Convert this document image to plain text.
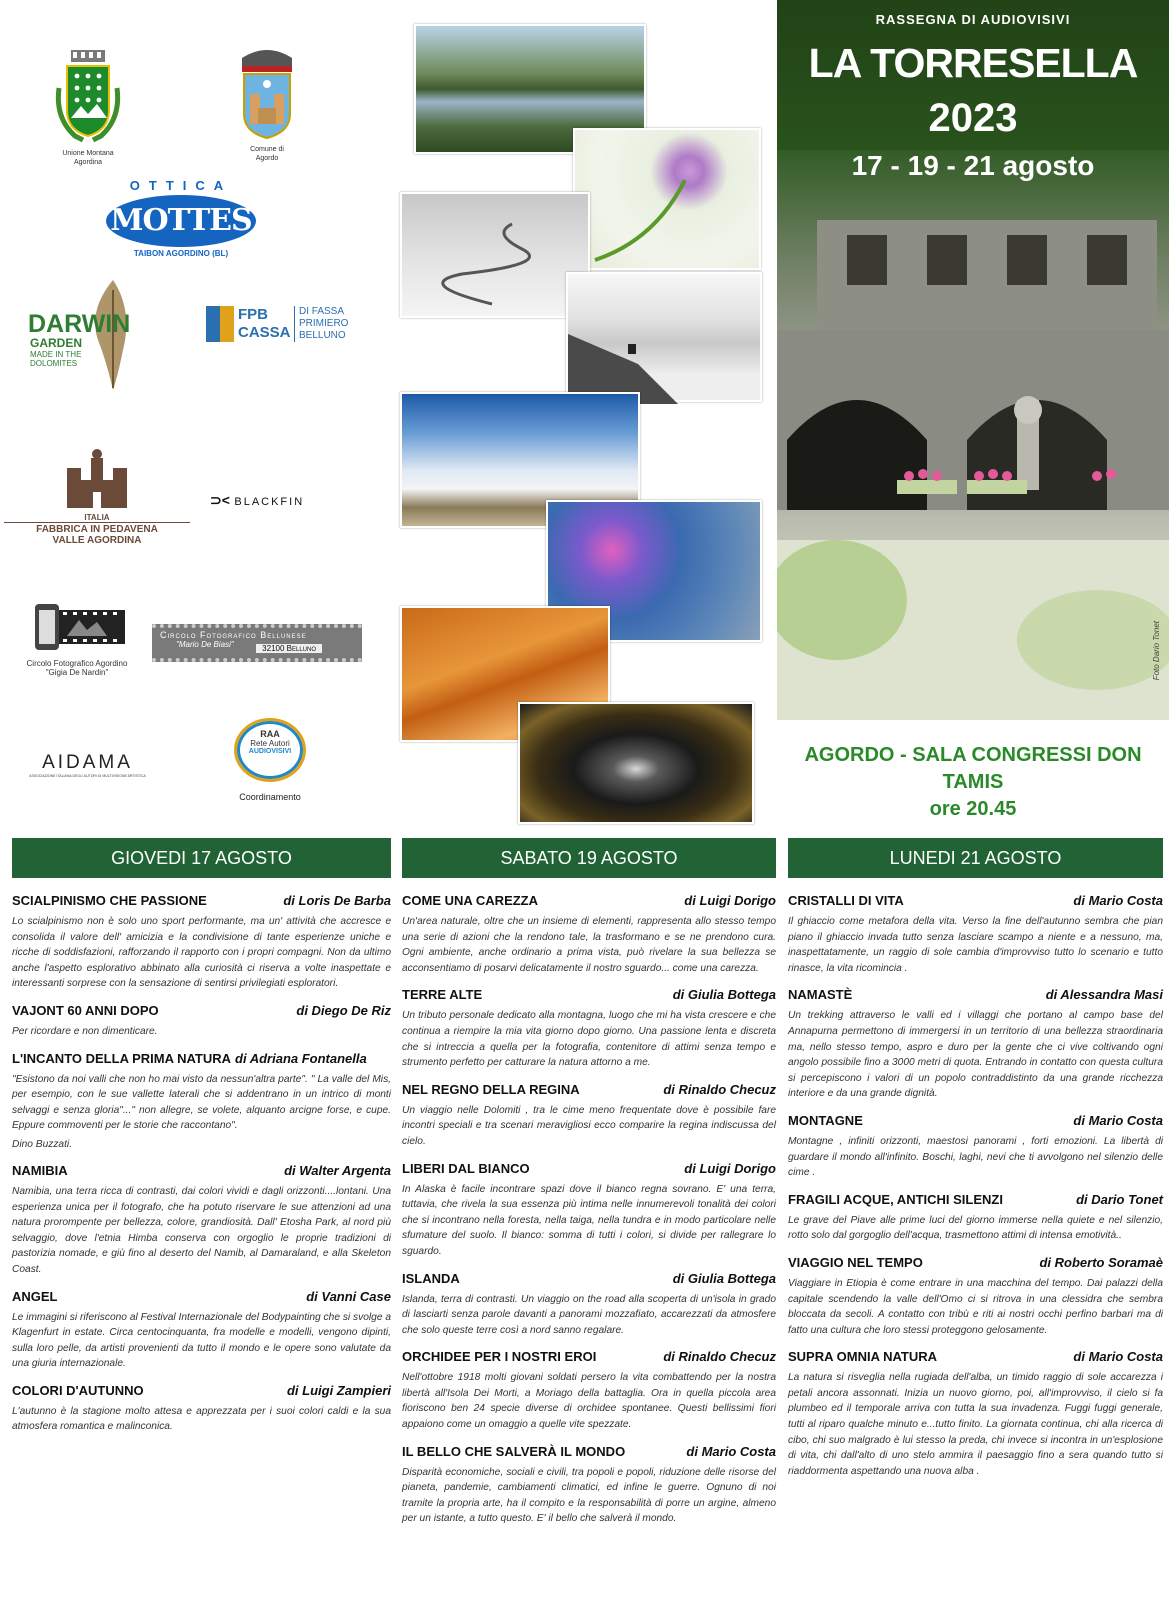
Unione Montana
Agordina
Comune di
Agordo
OTTICA
MOTTES
TAIBON AGORDINO (BL)
DARWIN
GARDEN
MADE IN THE
DOLOMITES
FPB
CASSA
DI FASSA
PRIMIERO
BELLUNO
ITALIA
FABBRICA IN PEDAVENA
VALLE AGORDINA
⊃< BLACKFIN
Circolo Fotografico Agordino
"Gigia De Nardin"
Circolo Fotografico Bellunese
"Mario De Biasi"	32100 Belluno
AIDAMA
ASSOCIAZIONE ITALIANA DEGLI AUTORI DI MULTIVISIONE ARTISTICA
RAA
Rete Autori
AUDIOVISIVI
Coordinamento
RASSEGNA DI AUDIOVISIVI
LA TORRESELLA
2023
17 - 19 - 21 agosto
Foto Dario Tonet
AGORDO - SALA CONGRESSI DON TAMIS
ore 20.45
GIOVEDI 17 AGOSTO	SABATO 19 AGOSTO	LUNEDI 21 AGOSTO
SCIALPINISMO CHE PASSIONE	di Loris De Barba
Lo scialpinismo non è solo uno sport performante, ma un' attività che accresce e consolida il valore dell' amicizia e la condivisione di tante esperienze uniche e ricche di soddisfazioni, rafforzando il rapporto con i propri compagni. Non da ultimo anche l'aspetto esplorativo abbinato alla curiosità ci riserva a volte inaspettate e interessanti sorprese con la sensazione di sentirsi privilegiati esploratori.
VAJONT 60 ANNI DOPO	di Diego De Riz
Per ricordare e non dimenticare.
L'INCANTO DELLA PRIMA NATURA di Adriana Fontanella
"Esistono da noi valli che non ho mai visto da nessun'altra parte". " La valle del Mis, per esempio, con le sue vallette laterali che si addentrano in un intrico di monti selvaggi e senza gloria"..." non allegre, se volete, alquanto arcigne forse, e cupe. Eppure commoventi per le storie che raccontano".
Dino Buzzati.
NAMIBIA	di Walter Argenta
Namibia, una terra ricca di contrasti, dai colori vividi e dagli orizzonti....lontani. Una esperienza unica per il fotografo, che ha potuto riservare le sue attenzioni ad una natura prorompente per bellezza, colore, grandiosità. Dall' Etosha Park, al nord più selvaggio, dove l'etnia Himba conserva con orgoglio le proprie tradizioni di pastorizia nomade, e giù fino al deserto del Namib, al Damaraland, e alla Skeleton Coast.
ANGEL	di Vanni Case
Le immagini si riferiscono al Festival Internazionale del Bodypainting che si svolge a Klagenfurt in estate. Circa centocinquanta, fra modelle e modelli, vengono dipinti, sulla loro pelle, da artisti provenienti da tutto il mondo e le opere sono valutate da una giuria internazionale.
COLORI D'AUTUNNO	di Luigi Zampieri
L'autunno è la stagione molto attesa e apprezzata per i suoi colori caldi e la sua atmosfera romantica e malinconica.
COME UNA CAREZZA	di Luigi Dorigo
Un'area naturale, oltre che un insieme di elementi, rappresenta allo stesso tempo una serie di azioni che la rendono tale, la trasformano e se ne prendono cura. Ogni ambiente, anche ordinario a prima vista, può rivelare la sua bellezza se acconsentiamo di posarvi delicatamente il nostro sguardo... come una carezza.
TERRE ALTE	di Giulia Bottega
Un tributo personale dedicato alla montagna, luogo che mi ha vista crescere e che continua a riempire la mia vita giorno dopo giorno. Una passione lenta e discreta che si intreccia a quella per la fotografia, contenitore di attimi senza tempo e strumento perfetto per catturare la natura attorno a me.
NEL REGNO DELLA REGINA	di Rinaldo Checuz
Un viaggio nelle Dolomiti , tra le cime meno frequentate dove è possibile fare incontri speciali e tra scenari meravigliosi ecco comparire la regina indiscussa del cielo.
LIBERI DAL BIANCO	di Luigi Dorigo
In Alaska è facile incontrare spazi dove il bianco regna sovrano. E' una terra, tuttavia, che rivela la sua essenza più intima nelle innumerevoli tonalità dei colori che si incontrano nella foresta, nella taiga, nella tundra e in modo particolare nelle sfumature del suolo. Il bianco: somma di tutti i colori, si divide per rallegrare lo sguardo.
ISLANDA	di Giulia Bottega
Islanda, terra di contrasti. Un viaggio on the road alla scoperta di un'isola in grado di lasciarti senza parole davanti a panorami mozzafiato, accarezzati da atmosfere che solo queste terre così a nord sanno regalare.
ORCHIDEE PER I NOSTRI EROI	di Rinaldo Checuz
Nell'ottobre 1918 molti giovani soldati persero la vita combattendo per la nostra libertà all'Isola Dei Morti, a Moriago della battaglia. Ora in quella piccola area fioriscono ben 24 specie diverse di orchidee spontanee. Questi bellissimi fiori appaiono come un omaggio a quelle vite spezzate.
IL BELLO CHE SALVERÀ IL MONDO	di Mario Costa
Disparità economiche, sociali e civili, tra popoli e popoli, riduzione delle risorse del pianeta, pandemie, cambiamenti climatici, ed infine le guerre. Ognuno di noi tramite la propria arte, ha il compito e la responsabilità di porre un argine, almeno per un istante, a tutto questo. E' il bello che salverà il mondo.
CRISTALLI DI VITA	di Mario Costa
Il ghiaccio come metafora della vita. Verso la fine dell'autunno sembra che pian piano il ghiaccio invada tutto senza lasciare scampo a niente e a nessuno, ma, inaspettatamente, un raggio di sole cambia d'improvviso tutto lo scenario e tutto rinasce, la vita ricomincia .
NAMASTÈ	di Alessandra Masi
Un trekking attraverso le valli ed i villaggi che portano al campo base del Annapurna permettono di immergersi in un territorio di una bellezza straordinaria ma, nello stesso tempo, aspro e duro per la gente che ci vive coltivando ogni angolo possibile fino a 3000 metri di quota. Entrando in contatto con questa cultura si percepiscono i valori di un popolo contraddistinto da una grande ricchezza interiore e da una grande dignità.
MONTAGNE	di Mario Costa
Montagne , infiniti orizzonti, maestosi panorami , forti emozioni. La libertà di guardare il mondo all'infinito. Boschi, laghi, nevi che ti avvolgono nel silenzio delle cime .
FRAGILI ACQUE, ANTICHI SILENZI	di Dario Tonet
Le grave del Piave alle prime luci del giorno immerse nella quiete e nel silenzio, rotto solo dal gorgoglio dell'acqua, trasmettono attimi di intensa emotività..
VIAGGIO NEL TEMPO	di Roberto Soramaè
Viaggiare in Etiopia è come entrare in una macchina del tempo. Dai palazzi della capitale scendendo la valle dell'Omo ci si ritrova in una clessidra che sembra bloccata da secoli. A contatto con tribù e riti ai nostri occhi perfino barbari ma di fatto una cultura che loro stessi proteggono gelosamente.
SUPRA OMNIA NATURA	di Mario Costa
La natura si risveglia nella rugiada dell'alba, un timido raggio di sole accarezza i petali ancora assonnati. Inizia un nuovo giorno, poi, all'improvviso, il cielo si fa plumbeo ed il temporale arriva con tutta la sua invadenza. Fuggi fuggi generale, tutti al riparo qualche minuto e...tutto finito. La giornata continua, chi alla ricerca di cibo, chi suo malgrado è lui stesso la preda, chi invece si incontra in un'esplosione di vita, chi dall'alto di uno stelo ammira il paesaggio fino a sera quando tutto si riaddormenta aspettando una nuova alba .
